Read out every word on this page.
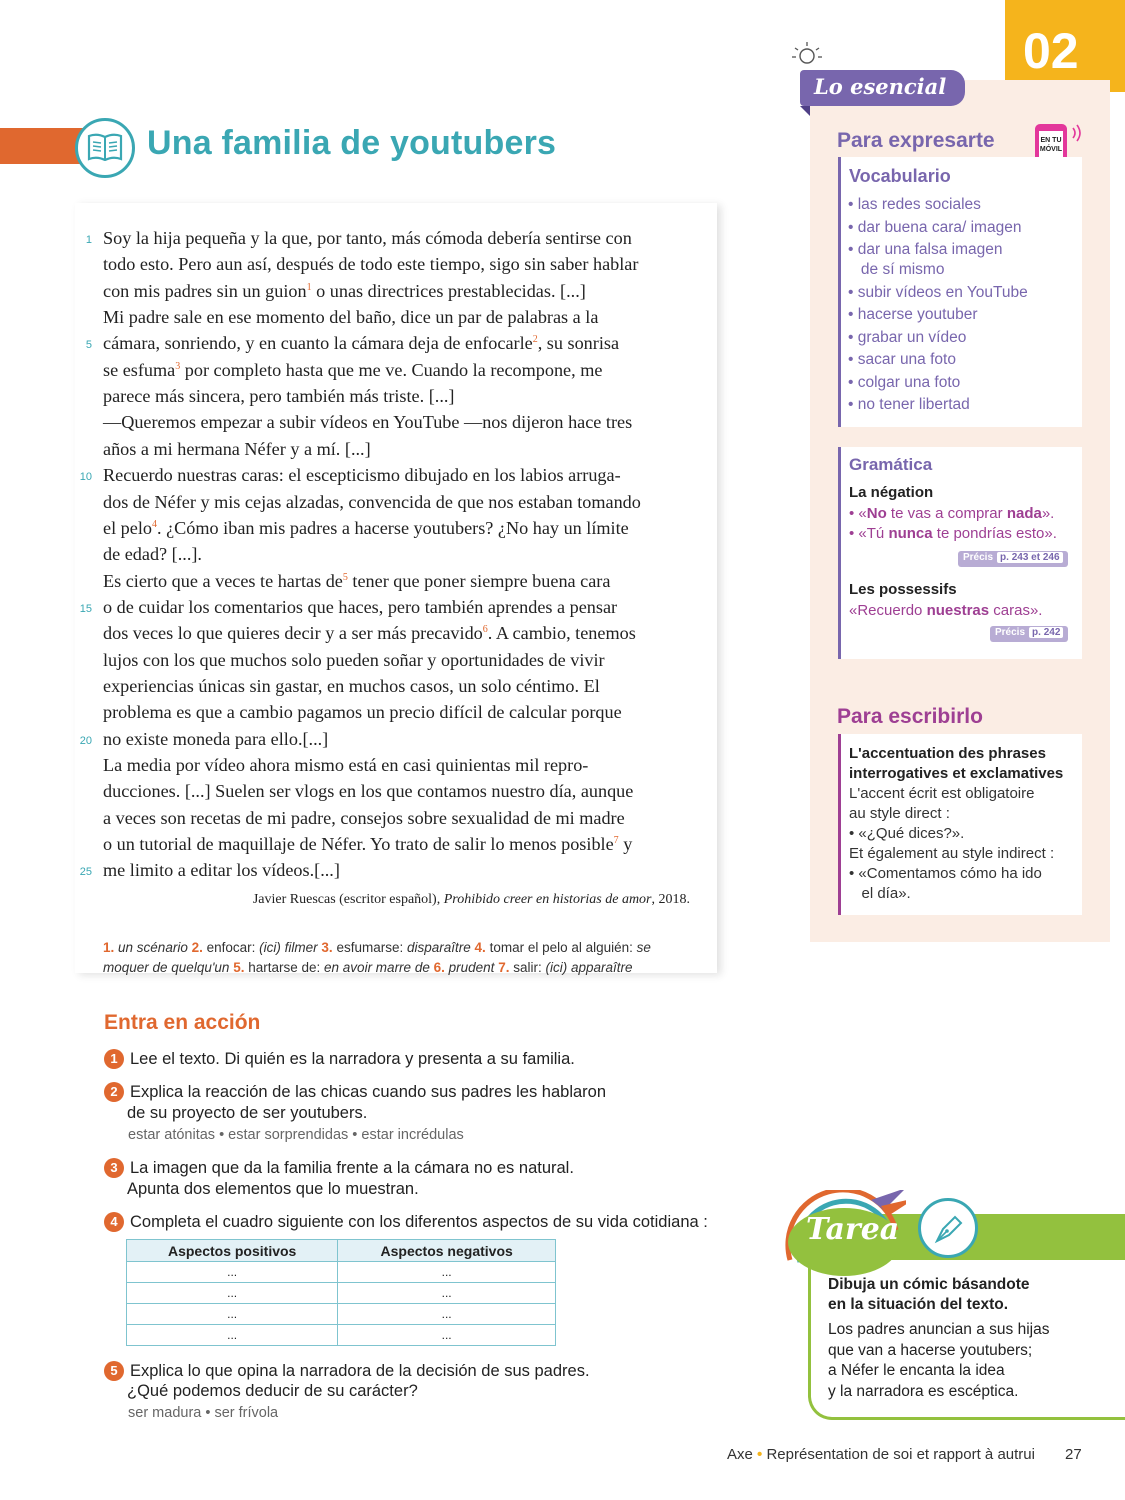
Una familia de youtubers
02
Soy la hija pequeña y la que, por tanto, más cómoda debería sentirse con
1
todo esto. Pero aun así, después de todo este tiempo, sigo sin saber hablar
con mis padres sin un guion$^1$ o unas directrices prestablecidas. [...]
Mi padre sale en ese momento del baño, dice un par de palabras a la
cámara, sonriendo, y en cuanto la cámara deja de enfocarle$^2$, su sonrisa
5
se esfuma$^3$ por completo hasta que me ve. Cuando la recompone, me
parece más sincera, pero también más triste. [...]
—Queremos empezar a subir vídeos en YouTube —nos dijeron hace tres
años a mi hermana Néfer y a mí. [...]
Recuerdo nuestras caras: el escepticismo dibujado en los labios arruga-
10
dos de Néfer y mis cejas alzadas, convencida de que nos estaban tomando
el pelo$^4$. ¿Cómo iban mis padres a hacerse youtubers? ¿No hay un límite
de edad? [...].
Es cierto que a veces te hartas $de^5$ tener que poner siempre buena cara
o de cuidar los comentarios que haces, pero también aprendes a pensar
15
dos veces lo que quieres decir y a ser más precavido$^6$. A cambio, tenemos
lujos con los que muchos solo pueden soñar y oportunidades de vivir
experiencias únicas sin gastar, en muchos casos, un solo céntimo. El
problema es que a cambio pagamos un precio difícil de calcular porque
no existe moneda para ello.[...]
20
La media por vídeo ahora mismo está en casi quinientas mil repro-
ducciones. [...] Suelen ser vlogs en los que contamos nuestro día, aunque
a veces son recetas de mi padre, consejos sobre sexualidad de mi madre
o un tutorial de maquillaje de Néfer. Yo trato de salir lo menos posible$^7$ y
me limito a editar los vídeos.[...]
25
Javier Ruescas (escritor español), Prohibido creer en historias de amor, 2018.
1. un scénario 2. enfocar: (ici) filmer 3. esfumarse: disparaître 4. tomar el pelo al alguién: se moquer de quelqu'un 5. hartarse de: en avoir marre de 6. prudent 7. salir: (ici) apparaître
Lo esencial
Para expresarte	EN TU MÓVIL
Vocabulario
• las redes sociales
• dar buena cara/ imagen
• dar una falsa imagen
de sí mismo
• subir vídeos en YouTube
• hacerse youtuber
• grabar un vídeo
• sacar una foto
• colgar una foto
• no tener libertad
Gramática
La négation
• «No te vas a comprar nada».
• «Tú nunca te pondrías esto».
Précis p. 243 et 246
Les possessifs
«Recuerdo nuestras caras».
Précis p. 242
Para escribirlo
L'accentuation des phrases
interrogatives et exclamatives
L'accent écrit est obligatoire
au style direct :
• «¿Qué dices?».
Et également au style indirect :
• «Comentamos cómo ha ido
el día».
Entra en acción
1 Lee el texto. Di quién es la narradora y presenta a su familia.
2 Explica la reacción de las chicas cuando sus padres les hablaron
de su proyecto de ser youtubers.
estar atónitas • estar sorprendidas • estar incrédulas
3 La imagen que da la familia frente a la cámara no es natural.
Apunta dos elementos que lo muestran.
4 Completa el cuadro siguiente con los diferentos aspectos de su vida cotidiana :
Aspectos positivos	Aspectos negativos
...	...
...	...
...	...
...	...
5 Explica lo que opina la narradora de la decisión de sus padres.
¿Qué podemos deducir de su carácter?
ser madura • ser frívola
Tarea
Dibuja un cómic básandote
en la situación del texto.
Los padres anuncian a sus hijas
que van a hacerse youtubers;
a Néfer le encanta la idea
y la narradora es escéptica.
Axe • Représentation de soi et rapport à autrui 27
